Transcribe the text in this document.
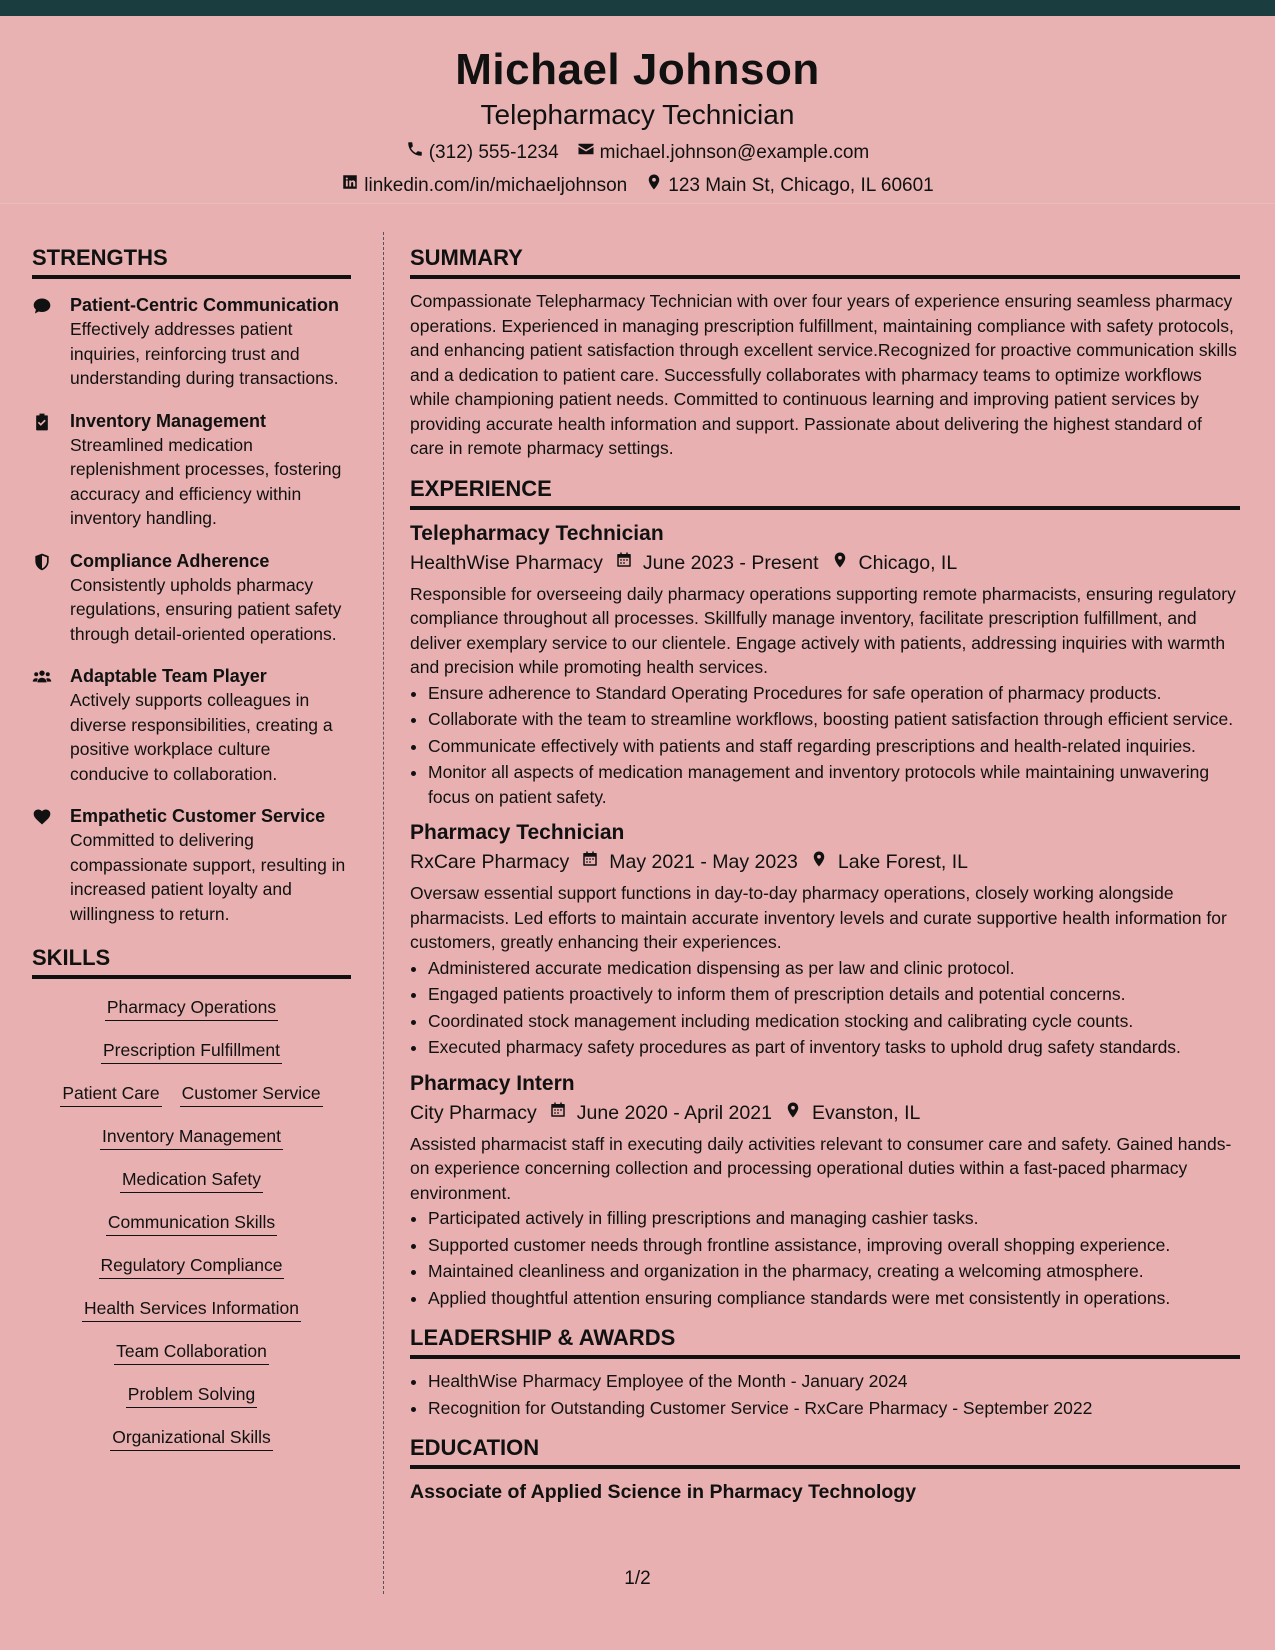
Michael Johnson
Telepharmacy Technician
(312) 555-1234 michael.johnson@example.com
linkedin.com/in/michaeljohnson 123 Main St, Chicago, IL 60601
STRENGTHS
Patient-Centric Communication
Effectively addresses patient inquiries, reinforcing trust and understanding during transactions.
Inventory Management
Streamlined medication replenishment processes, fostering accuracy and efficiency within inventory handling.
Compliance Adherence
Consistently upholds pharmacy regulations, ensuring patient safety through detail-oriented operations.
Adaptable Team Player
Actively supports colleagues in diverse responsibilities, creating a positive workplace culture conducive to collaboration.
Empathetic Customer Service
Committed to delivering compassionate support, resulting in increased patient loyalty and willingness to return.
SKILLS
Pharmacy Operations
Prescription Fulfillment
Patient Care Customer Service
Inventory Management
Medication Safety
Communication Skills
Regulatory Compliance
Health Services Information
Team Collaboration
Problem Solving
Organizational Skills
SUMMARY
Compassionate Telepharmacy Technician with over four years of experience ensuring seamless pharmacy operations. Experienced in managing prescription fulfillment, maintaining compliance with safety protocols, and enhancing patient satisfaction through excellent service.Recognized for proactive communication skills and a dedication to patient care. Successfully collaborates with pharmacy teams to optimize workflows while championing patient needs. Committed to continuous learning and improving patient services by providing accurate health information and support. Passionate about delivering the highest standard of care in remote pharmacy settings.
EXPERIENCE
Telepharmacy Technician
HealthWise Pharmacy June 2023 - Present Chicago, IL
Responsible for overseeing daily pharmacy operations supporting remote pharmacists, ensuring regulatory compliance throughout all processes. Skillfully manage inventory, facilitate prescription fulfillment, and deliver exemplary service to our clientele. Engage actively with patients, addressing inquiries with warmth and precision while promoting health services.
• Ensure adherence to Standard Operating Procedures for safe operation of pharmacy products.
• Collaborate with the team to streamline workflows, boosting patient satisfaction through efficient service.
• Communicate effectively with patients and staff regarding prescriptions and health-related inquiries.
• Monitor all aspects of medication management and inventory protocols while maintaining unwavering focus on patient safety.
Pharmacy Technician
RxCare Pharmacy May 2021 - May 2023 Lake Forest, IL
Oversaw essential support functions in day-to-day pharmacy operations, closely working alongside pharmacists. Led efforts to maintain accurate inventory levels and curate supportive health information for customers, greatly enhancing their experiences.
• Administered accurate medication dispensing as per law and clinic protocol.
• Engaged patients proactively to inform them of prescription details and potential concerns.
• Coordinated stock management including medication stocking and calibrating cycle counts.
• Executed pharmacy safety procedures as part of inventory tasks to uphold drug safety standards.
Pharmacy Intern
City Pharmacy June 2020 - April 2021 Evanston, IL
Assisted pharmacist staff in executing daily activities relevant to consumer care and safety. Gained hands-on experience concerning collection and processing operational duties within a fast-paced pharmacy environment.
• Participated actively in filling prescriptions and managing cashier tasks.
• Supported customer needs through frontline assistance, improving overall shopping experience.
• Maintained cleanliness and organization in the pharmacy, creating a welcoming atmosphere.
• Applied thoughtful attention ensuring compliance standards were met consistently in operations.
LEADERSHIP & AWARDS
• HealthWise Pharmacy Employee of the Month - January 2024
• Recognition for Outstanding Customer Service - RxCare Pharmacy - September 2022
EDUCATION
Associate of Applied Science in Pharmacy Technology
1/2
